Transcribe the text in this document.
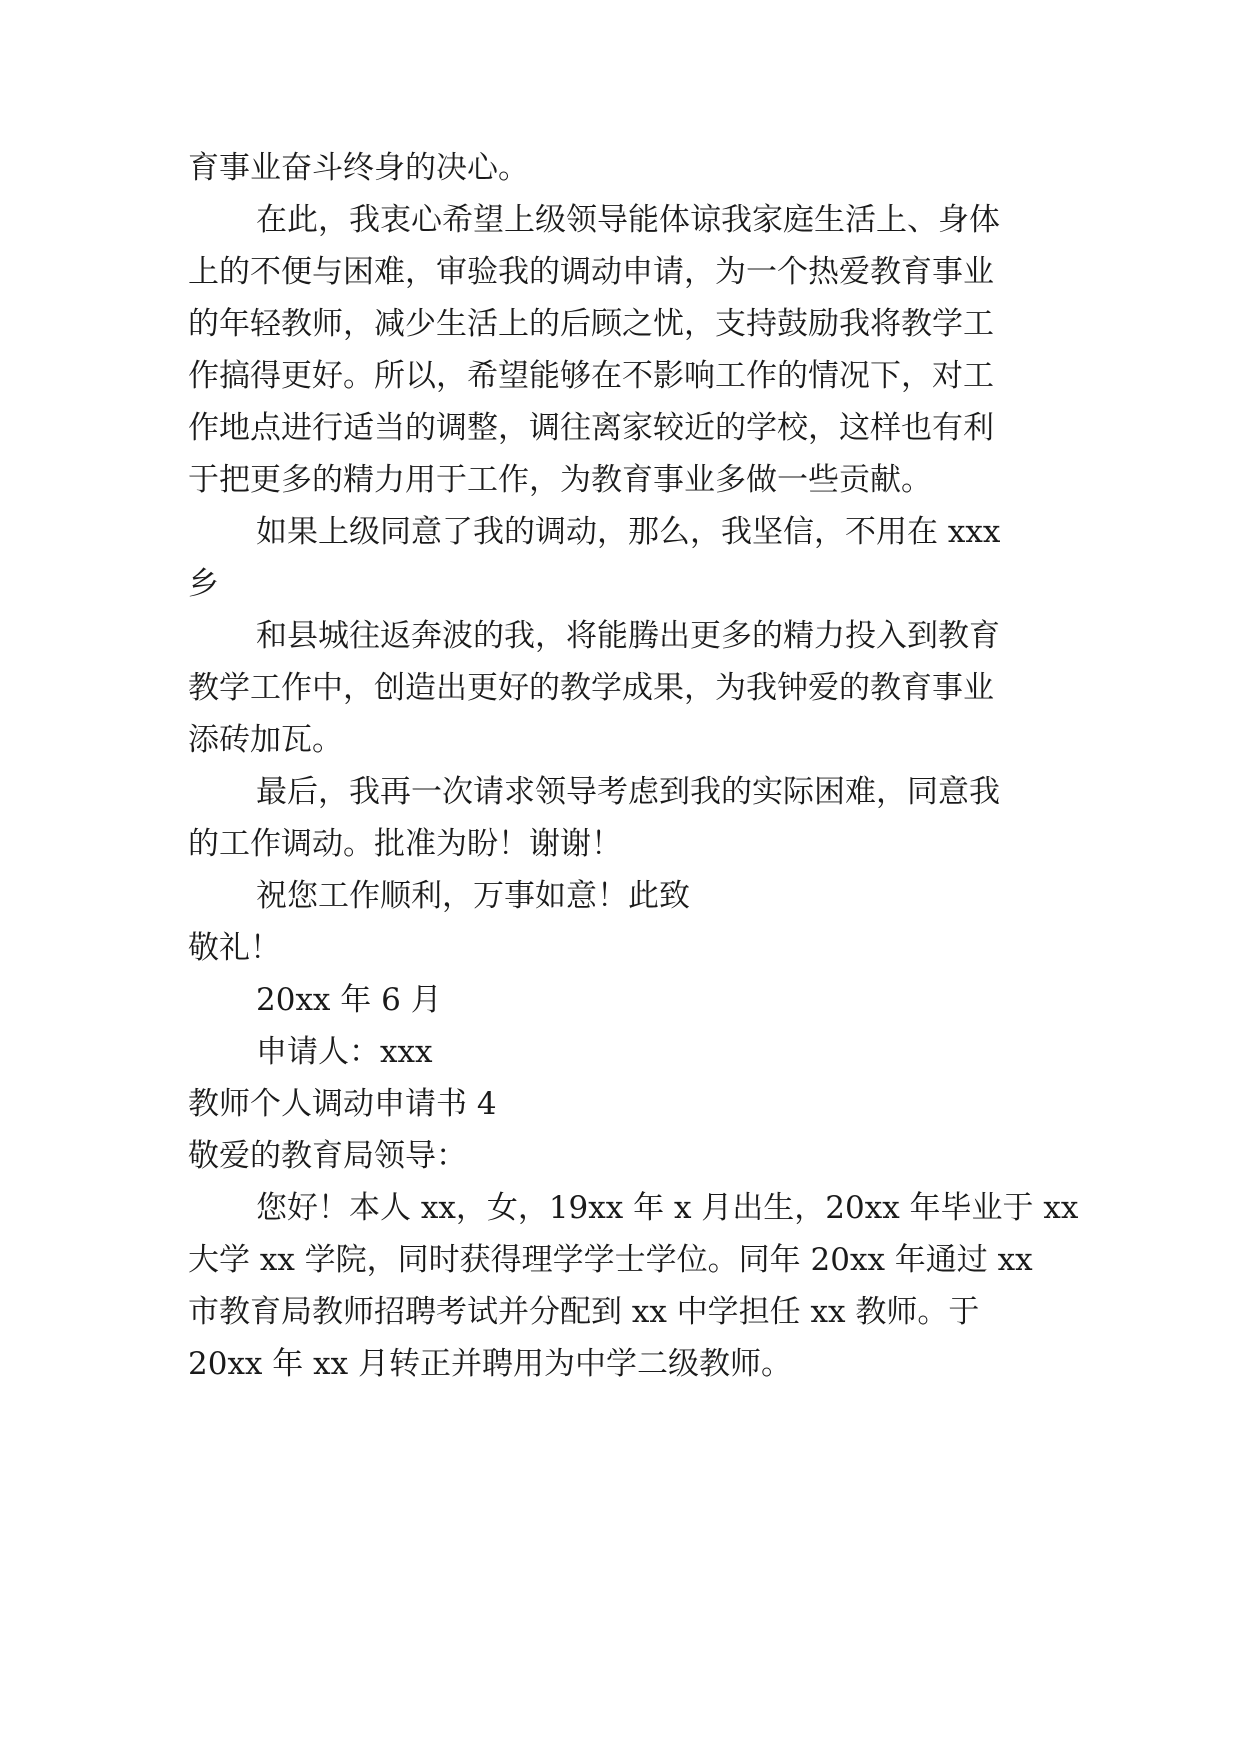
育事业奋斗终身的决心。
在此，我衷心希望上级领导能体谅我家庭生活上、身体
上的不便与困难，审验我的调动申请，为一个热爱教育事业
的年轻教师，减少生活上的后顾之忧，支持鼓励我将教学工
作搞得更好。所以，希望能够在不影响工作的情况下，对工
作地点进行适当的调整，调往离家较近的学校，这样也有利
于把更多的精力用于工作，为教育事业多做一些贡献。
如果上级同意了我的调动，那么，我坚信，不用在 xxx
乡
和县城往返奔波的我，将能腾出更多的精力投入到教育
教学工作中，创造出更好的教学成果，为我钟爱的教育事业
添砖加瓦。
最后，我再一次请求领导考虑到我的实际困难，同意我
的工作调动。批准为盼！谢谢！
祝您工作顺利，万事如意！此致
敬礼！
20xx 年 6 月
申请人：xxx
教师个人调动申请书 4
敬爱的教育局领导：
您好！本人 xx，女，19xx 年 x 月出生，20xx 年毕业于 xx
大学 xx 学院，同时获得理学学士学位。同年 20xx 年通过 xx
市教育局教师招聘考试并分配到 xx 中学担任 xx 教师。于
20xx 年 xx 月转正并聘用为中学二级教师。
